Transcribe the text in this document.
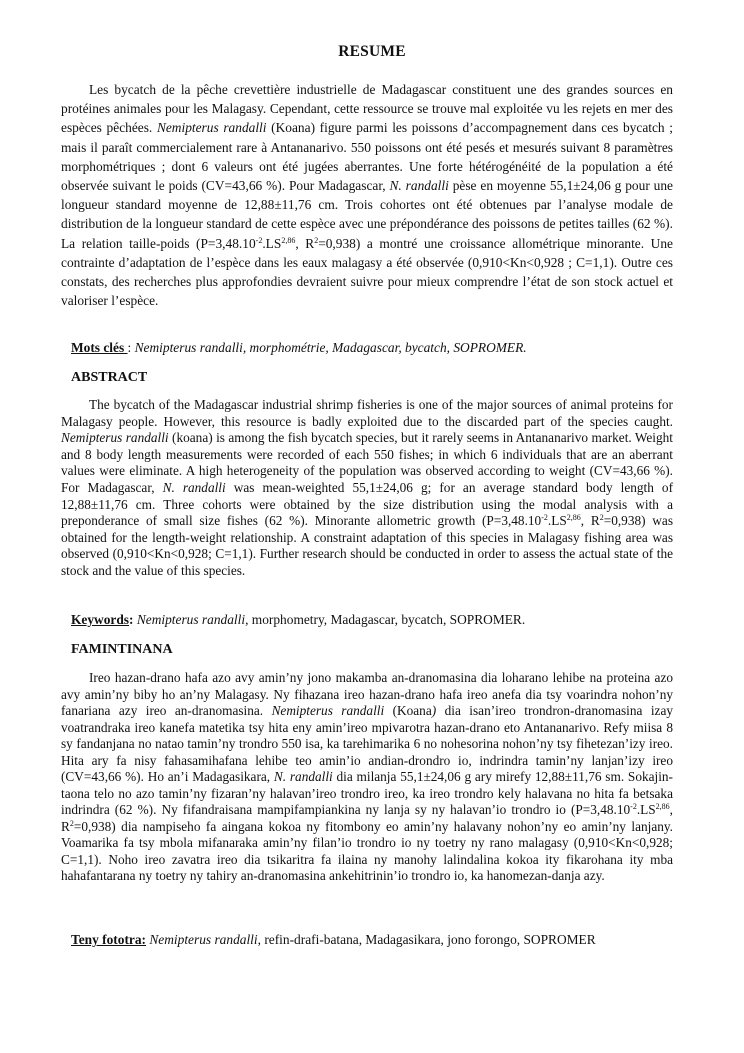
RESUME

Les bycatch de la pêche crevettière industrielle de Madagascar constituent une des grandes sources en protéines animales pour les Malagasy. Cependant, cette ressource se trouve mal exploitée vu les rejets en mer des espèces pêchées. Nemipterus randalli (Koana) figure parmi les poissons d’accompagnement dans ces bycatch ; mais il paraît commercialement rare à Antananarivo. 550 poissons ont été pesés et mesurés suivant 8 paramètres morphométriques ; dont 6 valeurs ont été jugées aberrantes. Une forte hétérogénéité de la population a été observée suivant le poids (CV=43,66 %). Pour Madagascar, N. randalli pèse en moyenne 55,1±24,06 g pour une longueur standard moyenne de 12,88±11,76 cm. Trois cohortes ont été obtenues par l’analyse modale de distribution de la longueur standard de cette espèce avec une prépondérance des poissons de petites tailles (62 %). La relation taille-poids ($P=3,48.10^{-2}.LS^{2,86}$, $R^2=0,938$) a montré une croissance allométrique minorante. Une contrainte d’adaptation de l’espèce dans les eaux malagasy a été observée (0,910<Kn<0,928 ; C=1,1). Outre ces constats, des recherches plus approfondies devraient suivre pour mieux comprendre l’état de son stock actuel et valoriser l’espèce.

Mots clés : Nemipterus randalli, morphométrie, Madagascar, bycatch, SOPROMER.
ABSTRACT

The bycatch of the Madagascar industrial shrimp fisheries is one of the major sources of animal proteins for Malagasy people. However, this resource is badly exploited due to the discarded part of the species caught. Nemipterus randalli (koana) is among the fish bycatch species, but it rarely seems in Antananarivo market. Weight and 8 body length measurements were recorded of each 550 fishes; in which 6 individuals that are an aberrant values were eliminate. A high heterogeneity of the population was observed according to weight (CV=43,66 %). For Madagascar, N. randalli was mean-weighted 55,1±24,06 g; for an average standard body length of 12,88±11,76 cm. Three cohorts were obtained by the size distribution using the modal analysis with a preponderance of small size fishes (62 %). Minorante allometric growth ($P=3,48.10^{-2}.LS^{2,86}$, $R^2=0,938$) was obtained for the length-weight relationship. A constraint adaptation of this species in Malagasy fishing area was observed (0,910<Kn<0,928; C=1,1). Further research should be conducted in order to assess the actual state of the stock and the value of this species.

Keywords: Nemipterus randalli, morphometry, Madagascar, bycatch, SOPROMER.
FAMINTINANA

Ireo hazan-drano hafa azo avy amin’ny jono makamba an-dranomasina dia loharano lehibe na proteina azo avy amin’ny biby ho an’ny Malagasy. Ny fihazana ireo hazan-drano hafa ireo anefa dia tsy voarindra nohon’ny fanariana azy ireo an-dranomasina. Nemipterus randalli (Koana) dia isan’ireo trondron-dranomasina izay voatrandraka ireo kanefa matetika tsy hita eny amin’ireo mpivarotra hazan-drano eto Antananarivo. Refy miisa 8 sy fandanjana no natao tamin’ny trondro 550 isa, ka tarehimarika 6 no nohesorina nohon’ny tsy fihetezan’izy ireo. Hita ary fa nisy fahasamihafana lehibe teo amin’io andian-drondro io, indrindra tamin’ny lanjan’izy ireo (CV=43,66 %). Ho an’i Madagasikara, N. randalli dia milanja 55,1±24,06 g ary mirefy 12,88±11,76 sm. Sokajin-taona telo no azo tamin’ny fizaran’ny halavan’ireo trondro ireo, ka ireo trondro kely halavana no hita fa betsaka indrindra (62 %). Ny fifandraisana mampifampiankina ny lanja sy ny halavan’io trondro io ($P=3,48.10^{-2}.LS^{2,86}$, $R^2=0,938$) dia nampiseho fa aingana kokoa ny fitombony eo amin’ny halavany nohon’ny eo amin’ny lanjany. Voamarika fa tsy mbola mifanaraka amin’ny filan’io trondro io ny toetry ny rano malagasy (0,910<Kn<0,928; C=1,1). Noho ireo zavatra ireo dia tsikaritra fa ilaina ny manohy lalindalina kokoa ity fikarohana ity mba hahafantarana ny toetry ny tahiry an-dranomasina ankehitrinin’io trondro io, ka hanomezan-danja azy.

Teny fototra: Nemipterus randalli, refin-drafi-batana, Madagasikara, jono forongo, SOPROMER
